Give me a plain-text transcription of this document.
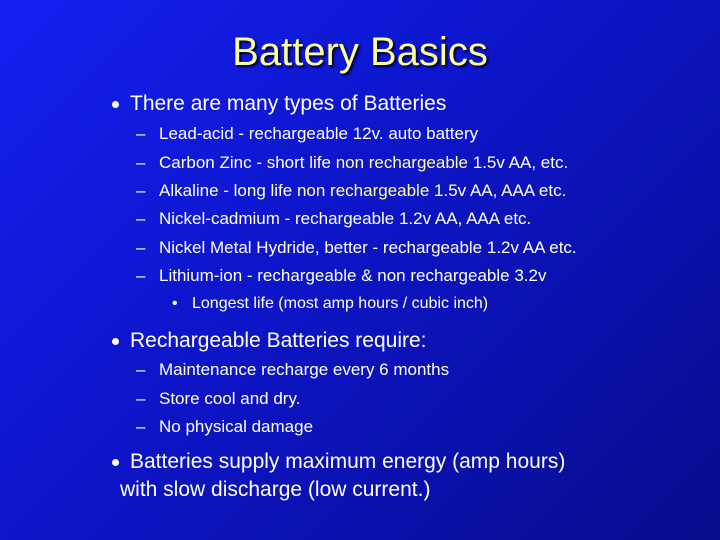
Battery Basics
There are many types of Batteries
– Lead-acid - rechargeable 12v. auto battery
– Carbon Zinc - short life non rechargeable 1.5v AA, etc.
– Alkaline - long life non rechargeable 1.5v AA, AAA etc.
– Nickel-cadmium - rechargeable 1.2v AA, AAA etc.
– Nickel Metal Hydride, better - rechargeable 1.2v AA etc.
– Lithium-ion - rechargeable & non rechargeable 3.2v
• Longest life (most amp hours / cubic inch)
Rechargeable Batteries require:
– Maintenance recharge every 6 months
– Store cool and dry.
– No physical damage
Batteries supply maximum energy (amp hours)
with slow discharge (low current.)
